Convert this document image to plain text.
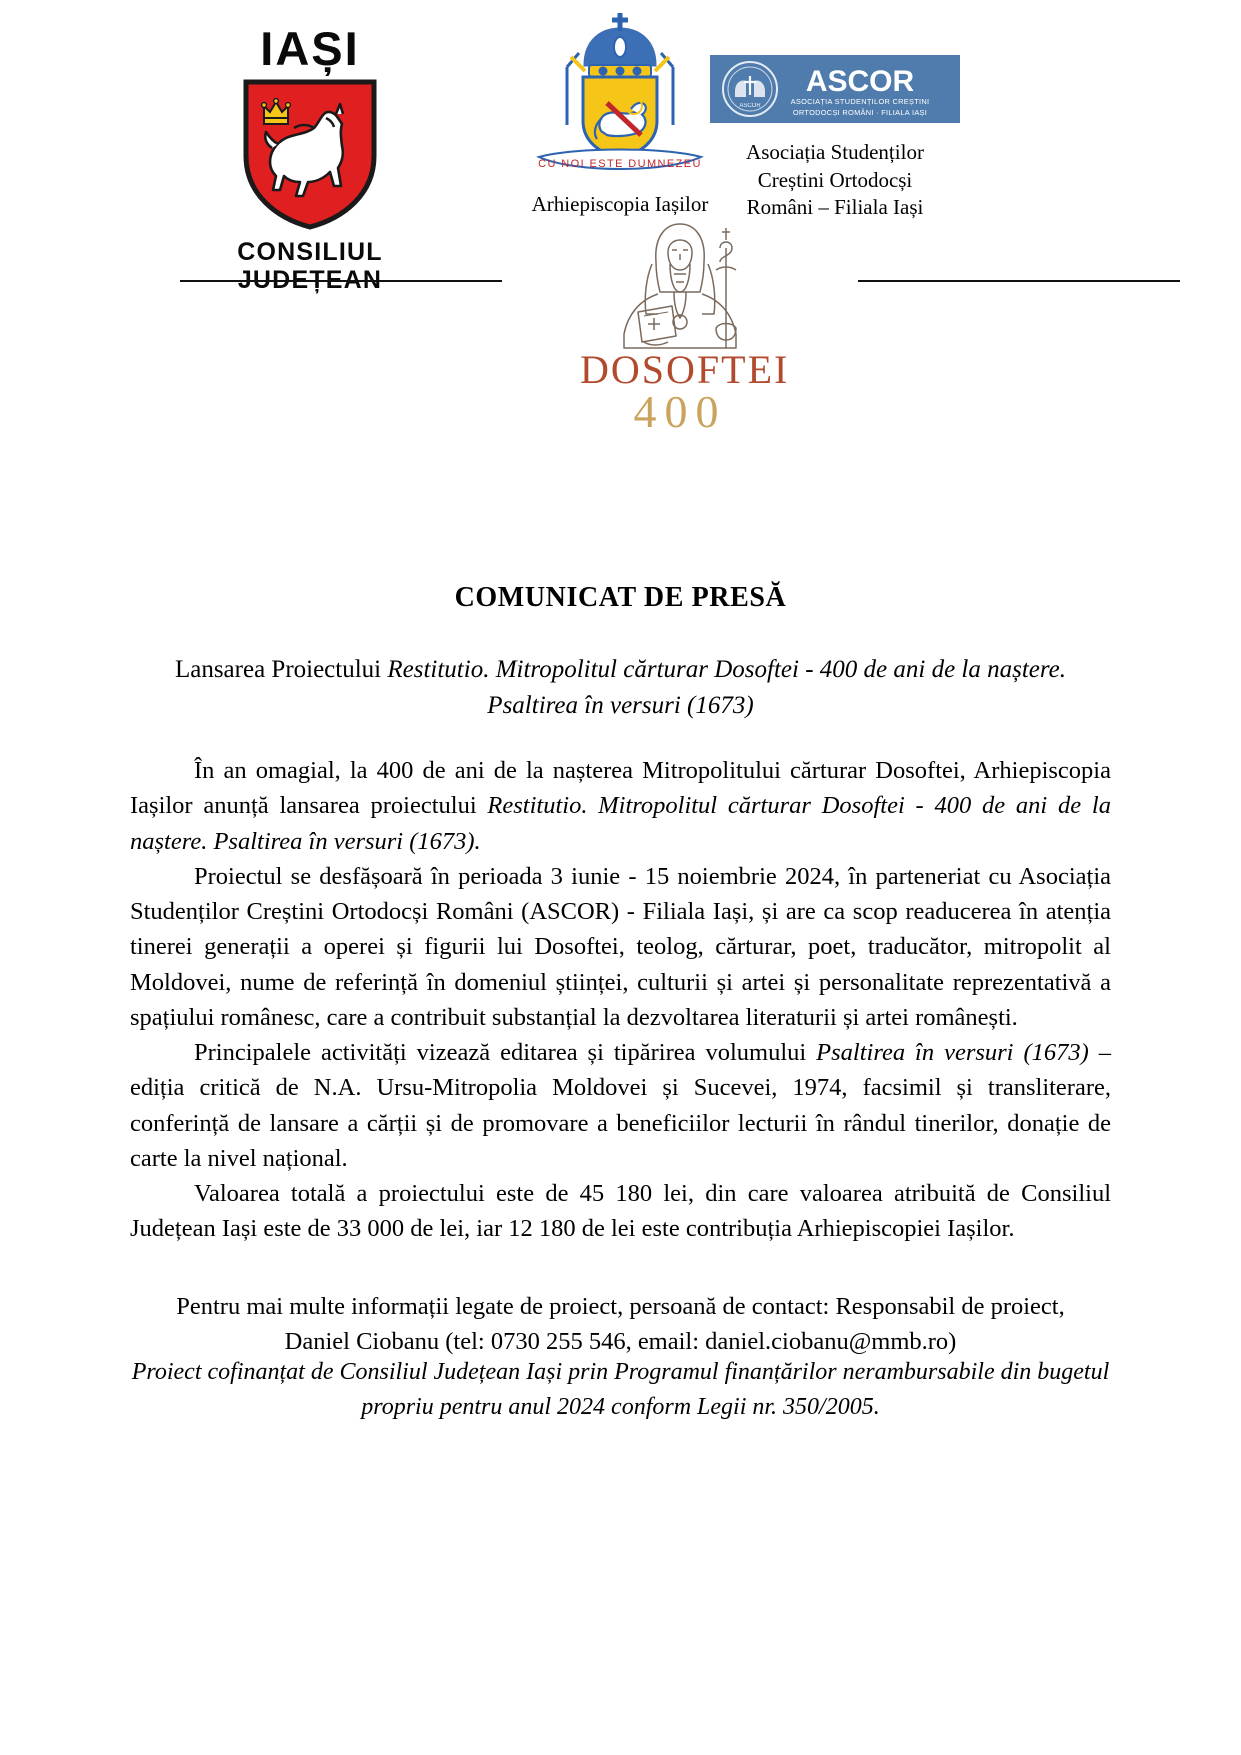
IAȘI
CONSILIUL
JUDEȚEAN
CU NOI ESTE DUMNEZEU
Arhiepiscopia Iașilor
ASCOR
ASCOR
ASOCIAȚIA STUDENȚILOR CREȘTINI
ORTODOCȘI ROMÂNI · FILIALA IAȘI
Asociația Studenților
Creștini Ortodocși
Români – Filiala Iași
DOSOFTEI
400
COMUNICAT DE PRESĂ
Lansarea Proiectului Restitutio. Mitropolitul cărturar Dosoftei - 400 de ani de la naștere.
Psaltirea în versuri (1673)

În an omagial, la 400 de ani de la nașterea Mitropolitului cărturar Dosoftei, Arhiepiscopia Iașilor anunță lansarea proiectului Restitutio. Mitropolitul cărturar Dosoftei - 400 de ani de la naștere. Psaltirea în versuri (1673).

Proiectul se desfășoară în perioada 3 iunie - 15 noiembrie 2024, în parteneriat cu Asociația Studenților Creștini Ortodocși Români (ASCOR) - Filiala Iași, și are ca scop readucerea în atenția tinerei generații a operei și figurii lui Dosoftei, teolog, cărturar, poet, traducător, mitropolit al Moldovei, nume de referință în domeniul științei, culturii și artei și personalitate reprezentativă a spațiului românesc, care a contribuit substanțial la dezvoltarea literaturii și artei românești.

Principalele activități vizează editarea și tipărirea volumului Psaltirea în versuri (1673) – ediția critică de N.A. Ursu-Mitropolia Moldovei și Sucevei, 1974, facsimil și transliterare, conferință de lansare a cărții și de promovare a beneficiilor lecturii în rândul tinerilor, donație de carte la nivel național.

Valoarea totală a proiectului este de 45 180 lei, din care valoarea atribuită de Consiliul Județean Iași este de 33 000 de lei, iar 12 180 de lei este contribuția Arhiepiscopiei Iașilor.

Pentru mai multe informații legate de proiect, persoană de contact: Responsabil de proiect,
Daniel Ciobanu (tel: 0730 255 546, email: daniel.ciobanu@mmb.ro)
Proiect cofinanțat de Consiliul Județean Iași prin Programul finanțărilor nerambursabile din bugetul
propriu pentru anul 2024 conform Legii nr. 350/2005.
